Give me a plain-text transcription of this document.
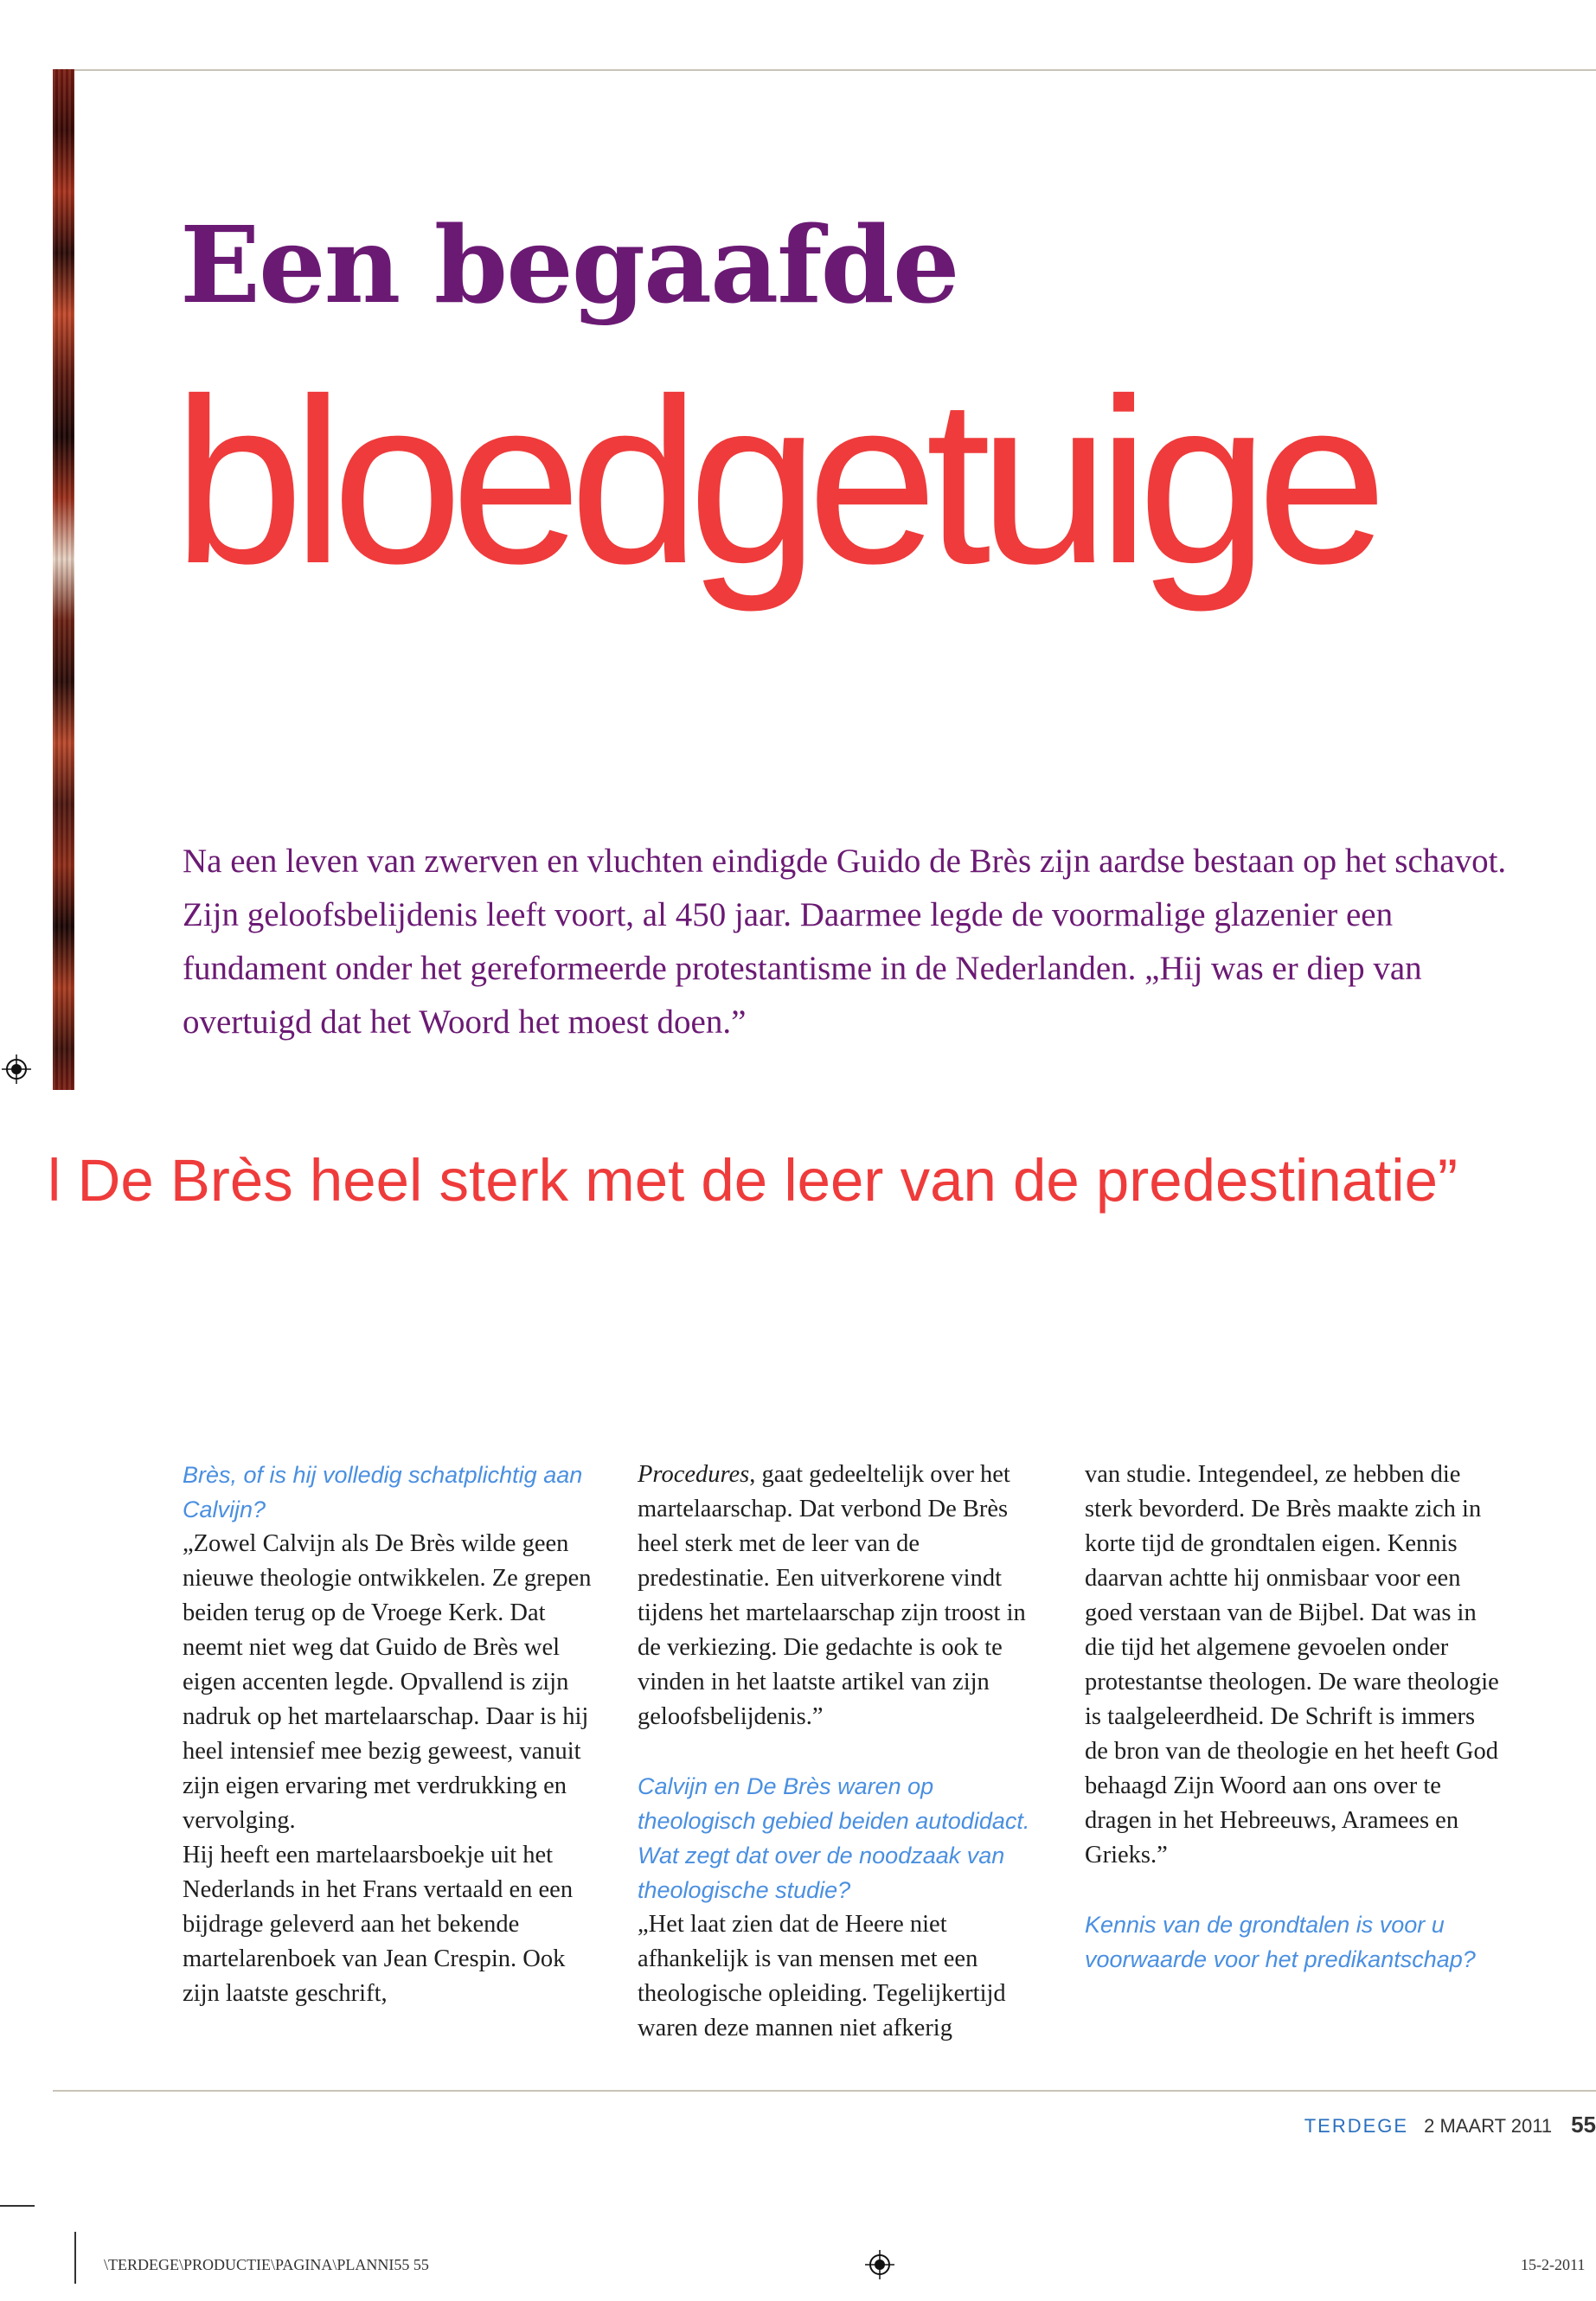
Een begaafde
bloedgetuige

Na een leven van zwerven en vluchten eindigde Guido de Brès zijn aardse bestaan op het schavot. Zijn geloofsbelijdenis leeft voort, al 450 jaar. Daarmee legde de voormalige glazenier een fundament onder het gereformeerde protestantisme in de Nederlanden. „Hij was er diep van overtuigd dat het Woord het moest doen.”

l De Brès heel sterk met de leer van de predestinatie”

Brès, of is hij volledig schatplichtig aan Calvijn?

„Zowel Calvijn als De Brès wilde geen nieuwe theologie ontwikkelen. Ze grepen beiden terug op de Vroege Kerk. Dat neemt niet weg dat Guido de Brès wel eigen accenten legde. Opvallend is zijn nadruk op het martelaarschap. Daar is hij heel intensief mee bezig geweest, vanuit zijn eigen ervaring met verdrukking en vervolging.

Hij heeft een martelaarsboekje uit het Nederlands in het Frans vertaald en een bijdrage geleverd aan het bekende martelarenboek van Jean Crespin. Ook zijn laatste geschrift,

Procedures, gaat gedeeltelijk over het martelaarschap. Dat verbond De Brès heel sterk met de leer van de predestinatie. Een uitverkorene vindt tijdens het martelaarschap zijn troost in de verkiezing. Die gedachte is ook te vinden in het laatste artikel van zijn geloofsbelijdenis.”

Calvijn en De Brès waren op theologisch gebied beiden autodidact. Wat zegt dat over de noodzaak van theologische studie?

„Het laat zien dat de Heere niet afhankelijk is van mensen met een theologische opleiding. Tegelijkertijd waren deze mannen niet afkerig

van studie. Integendeel, ze hebben die sterk bevorderd. De Brès maakte zich in korte tijd de grondtalen eigen. Kennis daarvan achtte hij onmisbaar voor een goed verstaan van de Bijbel. Dat was in die tijd het algemene gevoelen onder protestantse theologen. De ware theologie is taalgeleerdheid. De Schrift is immers de bron van de theologie en het heeft God behaagd Zijn Woord aan ons over te dragen in het Hebreeuws, Aramees en Grieks.”

Kennis van de grondtalen is voor u voorwaarde voor het predikantschap?

TERDEGE 2 MAART 2011 55
\TERDEGE\PRODUCTIE\PAGINA\PLANNI55 55	15-2-2011
